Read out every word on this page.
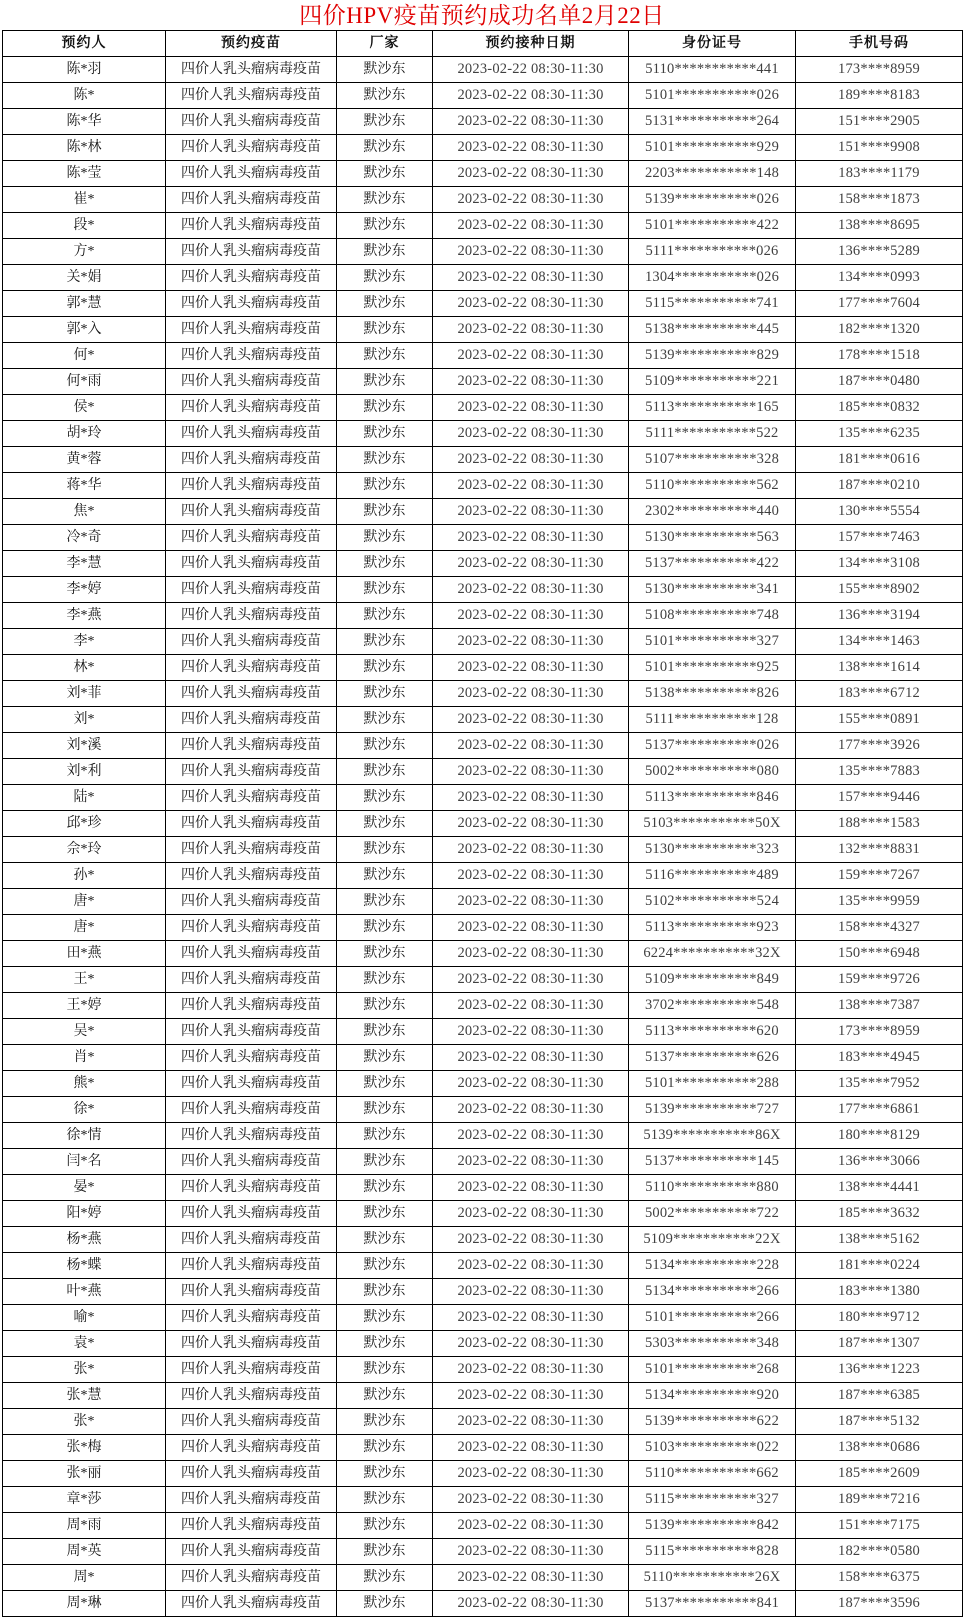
四价HPV疫苗预约成功名单2月22日
预约人	预约疫苗	厂家	预约接种日期	身份证号	手机号码
陈*羽	四价人乳头瘤病毒疫苗	默沙东	2023-02-22 08:30-11:30	5110***********441	173****8959
陈*	四价人乳头瘤病毒疫苗	默沙东	2023-02-22 08:30-11:30	5101***********026	189****8183
陈*华	四价人乳头瘤病毒疫苗	默沙东	2023-02-22 08:30-11:30	5131***********264	151****2905
陈*林	四价人乳头瘤病毒疫苗	默沙东	2023-02-22 08:30-11:30	5101***********929	151****9908
陈*莹	四价人乳头瘤病毒疫苗	默沙东	2023-02-22 08:30-11:30	2203***********148	183****1179
崔*	四价人乳头瘤病毒疫苗	默沙东	2023-02-22 08:30-11:30	5139***********026	158****1873
段*	四价人乳头瘤病毒疫苗	默沙东	2023-02-22 08:30-11:30	5101***********422	138****8695
方*	四价人乳头瘤病毒疫苗	默沙东	2023-02-22 08:30-11:30	5111***********026	136****5289
关*娟	四价人乳头瘤病毒疫苗	默沙东	2023-02-22 08:30-11:30	1304***********026	134****0993
郭*慧	四价人乳头瘤病毒疫苗	默沙东	2023-02-22 08:30-11:30	5115***********741	177****7604
郭*入	四价人乳头瘤病毒疫苗	默沙东	2023-02-22 08:30-11:30	5138***********445	182****1320
何*	四价人乳头瘤病毒疫苗	默沙东	2023-02-22 08:30-11:30	5139***********829	178****1518
何*雨	四价人乳头瘤病毒疫苗	默沙东	2023-02-22 08:30-11:30	5109***********221	187****0480
侯*	四价人乳头瘤病毒疫苗	默沙东	2023-02-22 08:30-11:30	5113***********165	185****0832
胡*玲	四价人乳头瘤病毒疫苗	默沙东	2023-02-22 08:30-11:30	5111***********522	135****6235
黄*蓉	四价人乳头瘤病毒疫苗	默沙东	2023-02-22 08:30-11:30	5107***********328	181****0616
蒋*华	四价人乳头瘤病毒疫苗	默沙东	2023-02-22 08:30-11:30	5110***********562	187****0210
焦*	四价人乳头瘤病毒疫苗	默沙东	2023-02-22 08:30-11:30	2302***********440	130****5554
冷*奇	四价人乳头瘤病毒疫苗	默沙东	2023-02-22 08:30-11:30	5130***********563	157****7463
李*慧	四价人乳头瘤病毒疫苗	默沙东	2023-02-22 08:30-11:30	5137***********422	134****3108
李*婷	四价人乳头瘤病毒疫苗	默沙东	2023-02-22 08:30-11:30	5130***********341	155****8902
李*燕	四价人乳头瘤病毒疫苗	默沙东	2023-02-22 08:30-11:30	5108***********748	136****3194
李*	四价人乳头瘤病毒疫苗	默沙东	2023-02-22 08:30-11:30	5101***********327	134****1463
林*	四价人乳头瘤病毒疫苗	默沙东	2023-02-22 08:30-11:30	5101***********925	138****1614
刘*菲	四价人乳头瘤病毒疫苗	默沙东	2023-02-22 08:30-11:30	5138***********826	183****6712
刘*	四价人乳头瘤病毒疫苗	默沙东	2023-02-22 08:30-11:30	5111***********128	155****0891
刘*溪	四价人乳头瘤病毒疫苗	默沙东	2023-02-22 08:30-11:30	5137***********026	177****3926
刘*利	四价人乳头瘤病毒疫苗	默沙东	2023-02-22 08:30-11:30	5002***********080	135****7883
陆*	四价人乳头瘤病毒疫苗	默沙东	2023-02-22 08:30-11:30	5113***********846	157****9446
邱*珍	四价人乳头瘤病毒疫苗	默沙东	2023-02-22 08:30-11:30	5103***********50X	188****1583
佘*玲	四价人乳头瘤病毒疫苗	默沙东	2023-02-22 08:30-11:30	5130***********323	132****8831
孙*	四价人乳头瘤病毒疫苗	默沙东	2023-02-22 08:30-11:30	5116***********489	159****7267
唐*	四价人乳头瘤病毒疫苗	默沙东	2023-02-22 08:30-11:30	5102***********524	135****9959
唐*	四价人乳头瘤病毒疫苗	默沙东	2023-02-22 08:30-11:30	5113***********923	158****4327
田*燕	四价人乳头瘤病毒疫苗	默沙东	2023-02-22 08:30-11:30	6224***********32X	150****6948
王*	四价人乳头瘤病毒疫苗	默沙东	2023-02-22 08:30-11:30	5109***********849	159****9726
王*婷	四价人乳头瘤病毒疫苗	默沙东	2023-02-22 08:30-11:30	3702***********548	138****7387
吴*	四价人乳头瘤病毒疫苗	默沙东	2023-02-22 08:30-11:30	5113***********620	173****8959
肖*	四价人乳头瘤病毒疫苗	默沙东	2023-02-22 08:30-11:30	5137***********626	183****4945
熊*	四价人乳头瘤病毒疫苗	默沙东	2023-02-22 08:30-11:30	5101***********288	135****7952
徐*	四价人乳头瘤病毒疫苗	默沙东	2023-02-22 08:30-11:30	5139***********727	177****6861
徐*情	四价人乳头瘤病毒疫苗	默沙东	2023-02-22 08:30-11:30	5139***********86X	180****8129
闫*名	四价人乳头瘤病毒疫苗	默沙东	2023-02-22 08:30-11:30	5137***********145	136****3066
晏*	四价人乳头瘤病毒疫苗	默沙东	2023-02-22 08:30-11:30	5110***********880	138****4441
阳*婷	四价人乳头瘤病毒疫苗	默沙东	2023-02-22 08:30-11:30	5002***********722	185****3632
杨*燕	四价人乳头瘤病毒疫苗	默沙东	2023-02-22 08:30-11:30	5109***********22X	138****5162
杨*蝶	四价人乳头瘤病毒疫苗	默沙东	2023-02-22 08:30-11:30	5134***********228	181****0224
叶*燕	四价人乳头瘤病毒疫苗	默沙东	2023-02-22 08:30-11:30	5134***********266	183****1380
喻*	四价人乳头瘤病毒疫苗	默沙东	2023-02-22 08:30-11:30	5101***********266	180****9712
袁*	四价人乳头瘤病毒疫苗	默沙东	2023-02-22 08:30-11:30	5303***********348	187****1307
张*	四价人乳头瘤病毒疫苗	默沙东	2023-02-22 08:30-11:30	5101***********268	136****1223
张*慧	四价人乳头瘤病毒疫苗	默沙东	2023-02-22 08:30-11:30	5134***********920	187****6385
张*	四价人乳头瘤病毒疫苗	默沙东	2023-02-22 08:30-11:30	5139***********622	187****5132
张*梅	四价人乳头瘤病毒疫苗	默沙东	2023-02-22 08:30-11:30	5103***********022	138****0686
张*丽	四价人乳头瘤病毒疫苗	默沙东	2023-02-22 08:30-11:30	5110***********662	185****2609
章*莎	四价人乳头瘤病毒疫苗	默沙东	2023-02-22 08:30-11:30	5115***********327	189****7216
周*雨	四价人乳头瘤病毒疫苗	默沙东	2023-02-22 08:30-11:30	5139***********842	151****7175
周*英	四价人乳头瘤病毒疫苗	默沙东	2023-02-22 08:30-11:30	5115***********828	182****0580
周*	四价人乳头瘤病毒疫苗	默沙东	2023-02-22 08:30-11:30	5110***********26X	158****6375
周*琳	四价人乳头瘤病毒疫苗	默沙东	2023-02-22 08:30-11:30	5137***********841	187****3596
